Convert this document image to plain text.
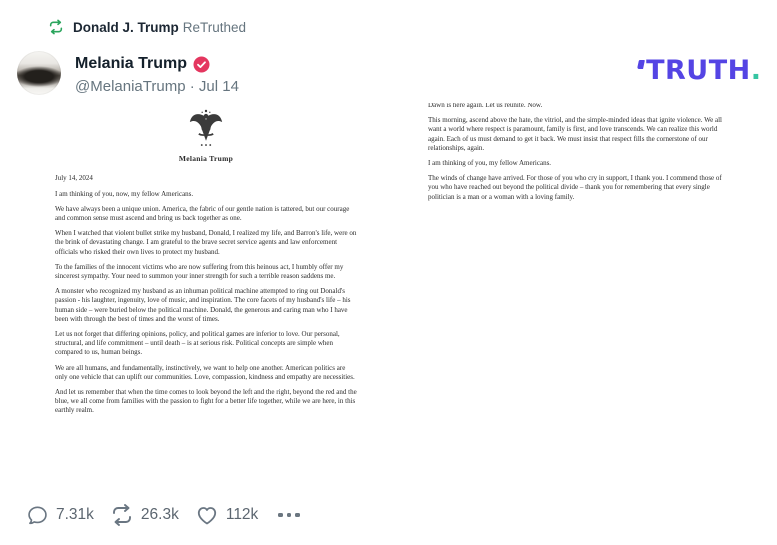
Donald J. Trump ReTruthed
Melania Trump
@MelaniaTrump · Jul 14
TRUTH .
Melania Trump

July 14, 2024

I am thinking of you, now, my fellow Americans.

We have always been a unique union. America, the fabric of our gentle nation is tattered, but our courage and common sense must ascend and bring us back together as one.

When I watched that violent bullet strike my husband, Donald, I realized my life, and Barron's life, were on the brink of devastating change. I am grateful to the brave secret service agents and law enforcement officials who risked their own lives to protect my husband.

To the families of the innocent victims who are now suffering from this heinous act, I humbly offer my sincerest sympathy. Your need to summon your inner strength for such a terrible reason saddens me.

A monster who recognized my husband as an inhuman political machine attempted to ring out Donald's passion - his laughter, ingenuity, love of music, and inspiration. The core facets of my husband's life – his human side – were buried below the political machine. Donald, the generous and caring man who I have been with through the best of times and the worst of times.

Let us not forget that differing opinions, policy, and political games are inferior to love. Our personal, structural, and life commitment – until death – is at serious risk. Political concepts are simple when compared to us, human beings.

We are all humans, and fundamentally, instinctively, we want to help one another. American politics are only one vehicle that can uplift our communities. Love, compassion, kindness and empathy are necessities.

And let us remember that when the time comes to look beyond the left and the right, beyond the red and the blue, we all come from families with the passion to fight for a better life together, while we are here, in this earthly realm.

Dawn is here again. Let us reunite. Now.

This morning, ascend above the hate, the vitriol, and the simple-minded ideas that ignite violence. We all want a world where respect is paramount, family is first, and love transcends. We can realize this world again. Each of us must demand to get it back. We must insist that respect fills the cornerstone of our relationships, again.

I am thinking of you, my fellow Americans.

The winds of change have arrived. For those of you who cry in support, I thank you. I commend those of you who have reached out beyond the political divide – thank you for remembering that every single politician is a man or a woman with a loving family.

7.31k	26.3k	112k
